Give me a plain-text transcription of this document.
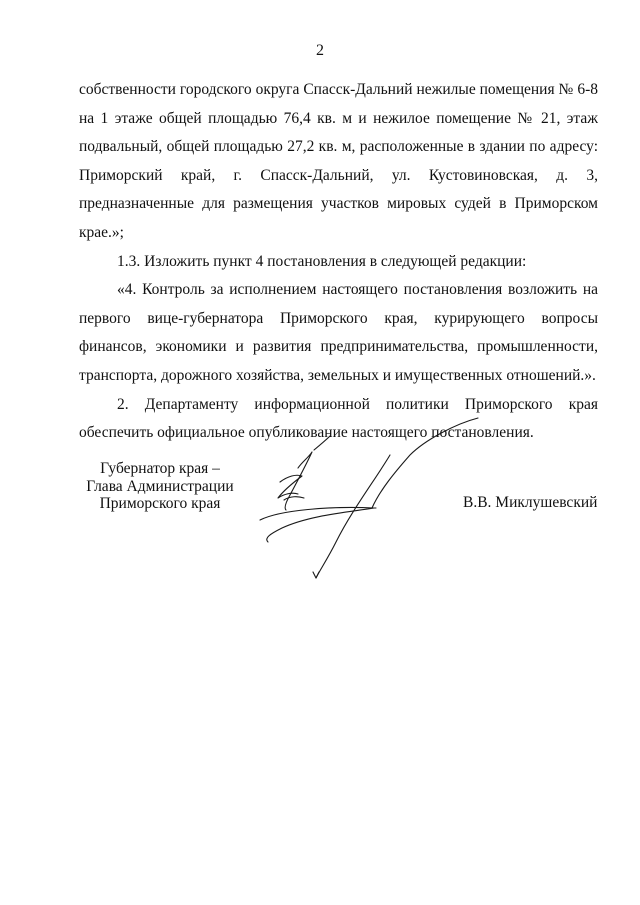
2

собственности городского округа Спасск-Дальний нежилые помещения № 6-8 на 1 этаже общей площадью 76,4 кв. м и нежилое помещение № 21, этаж подвальный, общей площадью 27,2 кв. м, расположенные в здании по адресу: Приморский край, г. Спасск-Дальний, ул. Кустовиновская, д. 3, предназначенные для размещения участков мировых судей в Приморском крае.»;

1.3. Изложить пункт 4 постановления в следующей редакции:

«4. Контроль за исполнением настоящего постановления возложить на первого вице-губернатора Приморского края, курирующего вопросы финансов, экономики и развития предпринимательства, промышленности, транспорта, дорожного хозяйства, земельных и имущественных отношений.».

2. Департаменту информационной политики Приморского края обеспечить официальное опубликование настоящего постановления.

Губернатор края –
Глава Администрации
Приморского края	В.В. Миклушевский
